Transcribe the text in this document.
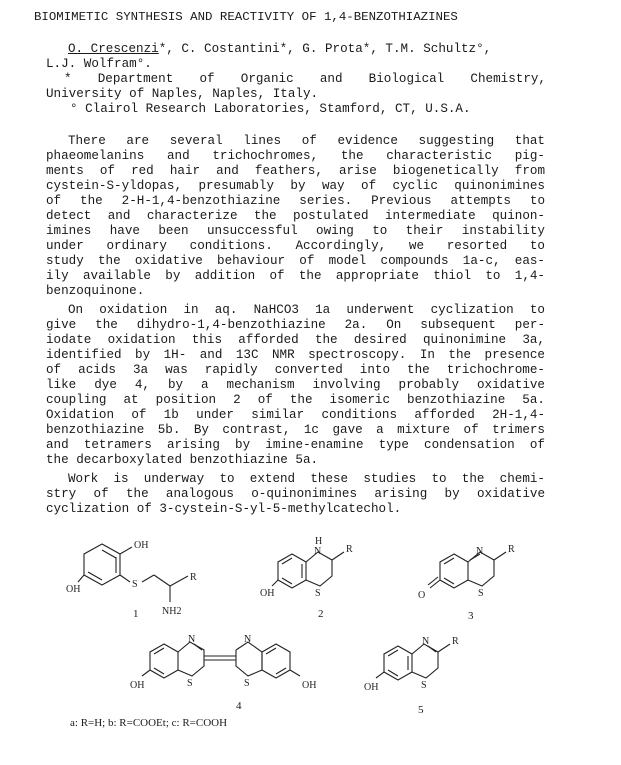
BIOMIMETIC SYNTHESIS AND REACTIVITY OF 1,4-BENZOTHIAZINES
O. Crescenzi*, C. Costantini*, G. Prota*, T.M. Schultz°,
L.J. Wolfram°.
* Department of Organic and Biological Chemistry,
University of Naples, Naples, Italy.
° Clairol Research Laboratories, Stamford, CT, U.S.A.
There are several lines of evidence suggesting that
phaeomelanins and trichochromes, the characteristic pig-
ments of red hair and feathers, arise biogenetically from
cystein-S-yldopas, presumably by way of cyclic quinonimines
of the 2-H-1,4-benzothiazine series. Previous attempts to
detect and characterize the postulated intermediate quinon-
imines have been unsuccessful owing to their instability
under ordinary conditions. Accordingly, we resorted to
study the oxidative behaviour of model compounds 1a-c, eas-
ily available by addition of the appropriate thiol to 1,4-
benzoquinone.
On oxidation in aq. NaHCO3 1a underwent cyclization to
give the dihydro-1,4-benzothiazine 2a. On subsequent per-
iodate oxidation this afforded the desired quinonimine 3a,
identified by 1H- and 13C NMR spectroscopy. In the presence
of acids 3a was rapidly converted into the trichochrome-
like dye 4, by a mechanism involving probably oxidative
coupling at position 2 of the isomeric benzothiazine 5a.
Oxidation of 1b under similar conditions afforded 2H-1,4-
benzothiazine 5b. By contrast, 1c gave a mixture of trimers
and tetramers arising by imine-enamine type condensation of
the decarboxylated benzothiazine 5a.
Work is underway to extend these studies to the chemi-
stry of the analogous o-quinonimines arising by oxidative
cyclization of 3-cystein-S-yl-5-methylcatechol.
OH
OH	S
R
NH2
1
H
N
S
R
OH
2
N
S
R
O
3
N
S
N
S
OH	OH
4
N
S
R
OH
5
a: R=H; b: R=COOEt; c: R=COOH
